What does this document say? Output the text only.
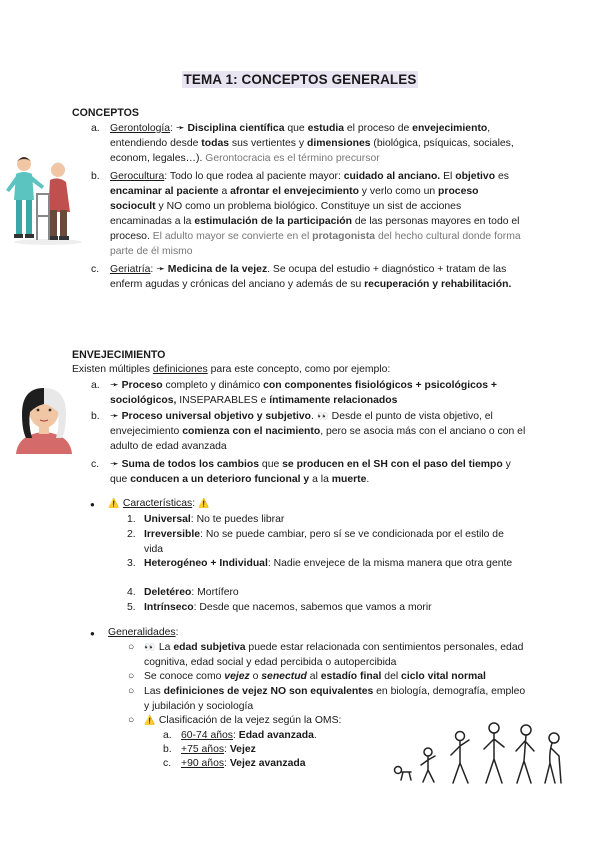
TEMA 1: CONCEPTOS GENERALES
CONCEPTOS
a. Gerontología: ➛ Disciplina científica que estudia el proceso de envejecimiento, entendiendo desde todas sus vertientes y dimensiones (biológica, psíquicas, sociales, econom, legales…). Gerontocracia es el término precursor

b. Gerocultura: Todo lo que rodea al paciente mayor: cuidado al anciano. El objetivo es encaminar al paciente a afrontar el envejecimiento y verlo como un proceso sociocult y NO como un problema biológico. Constituye un sist de acciones encaminadas a la estimulación de la participación de las personas mayores en todo el proceso. El adulto mayor se convierte en el protagonista del hecho cultural donde forma parte de él mismo

c. Geriatría: ➛ Medicina de la vejez. Se ocupa del estudio + diagnóstico + tratam de las enferm agudas y crónicas del anciano y además de su recuperación y rehabilitación.

ENVEJECIMIENTO
Existen múltiples definiciones para este concepto, como por ejemplo:
a. ➛ Proceso completo y dinámico con componentes fisiológicos + psicológicos + sociológicos, INSEPARABLES e íntimamente relacionados

b. ➛ Proceso universal objetivo y subjetivo. 👀 Desde el punto de vista objetivo, el envejecimiento comienza con el nacimiento, pero se asocia más con el anciano o con el adulto de edad avanzada

c. ➛ Suma de todos los cambios que se producen en el SH con el paso del tiempo y que conducen a un deterioro funcional y a la muerte.

● ⚠️ Características: ⚠️
1. Universal: No te puedes librar
2. Irreversible: No se puede cambiar, pero sí se ve condicionada por el estilo de vida
3. Heterogéneo + Individual: Nadie envejece de la misma manera que otra gente
4. Deletéreo: Mortífero
5. Intrínseco: Desde que nacemos, sabemos que vamos a morir
● Generalidades:
○ 👀 La edad subjetiva puede estar relacionada con sentimientos personales, edad cognitiva, edad social y edad percibida o autopercibida
○ Se conoce como vejez o senectud al estadío final del ciclo vital normal
○ Las definiciones de vejez NO son equivalentes en biología, demografía, empleo y jubilación y sociología
○ ⚠️ Clasificación de la vejez según la OMS:
a. 60-74 años: Edad avanzada.
b. +75 años: Vejez
c. +90 años: Vejez avanzada
